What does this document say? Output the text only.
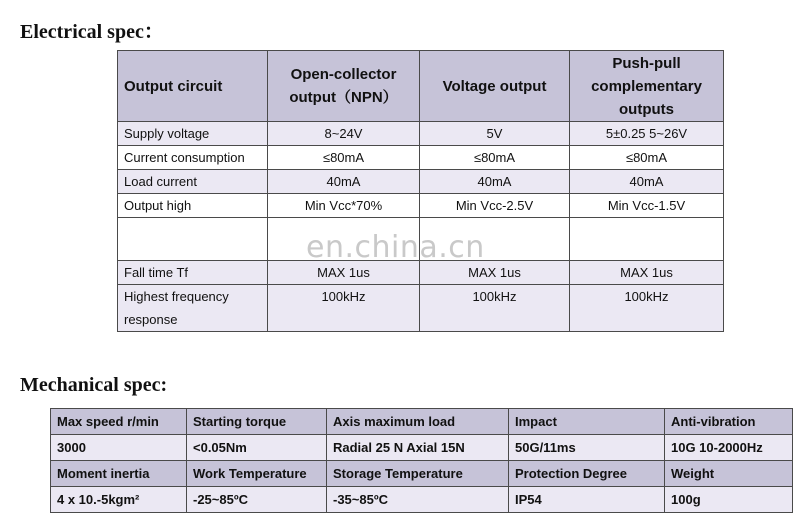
Electrical spec：
Output circuit	Open-collector output（NPN）	Voltage output	Push-pull complementary outputs
Supply voltage	8~24V	5V	5±0.25 5~26V
Current consumption	≤80mA	≤80mA	≤80mA
Load current	40mA	40mA	40mA
Output high	Min Vcc*70%	Min Vcc-2.5V	Min Vcc-1.5V

Fall time Tf	MAX 1us	MAX 1us	MAX 1us
Highest frequency response	100kHz	100kHz	100kHz
en.china.cn
Mechanical spec:
Max speed r/min	Starting torque	Axis maximum load	Impact	Anti-vibration
3000	<0.05Nm	Radial 25 N Axial 15N	50G/11ms	10G 10-2000Hz
Moment inertia	Work Temperature	Storage Temperature	Protection Degree	Weight
4 x 10.-5kgm²	-25~85ºC	-35~85ºC	IP54	100g
